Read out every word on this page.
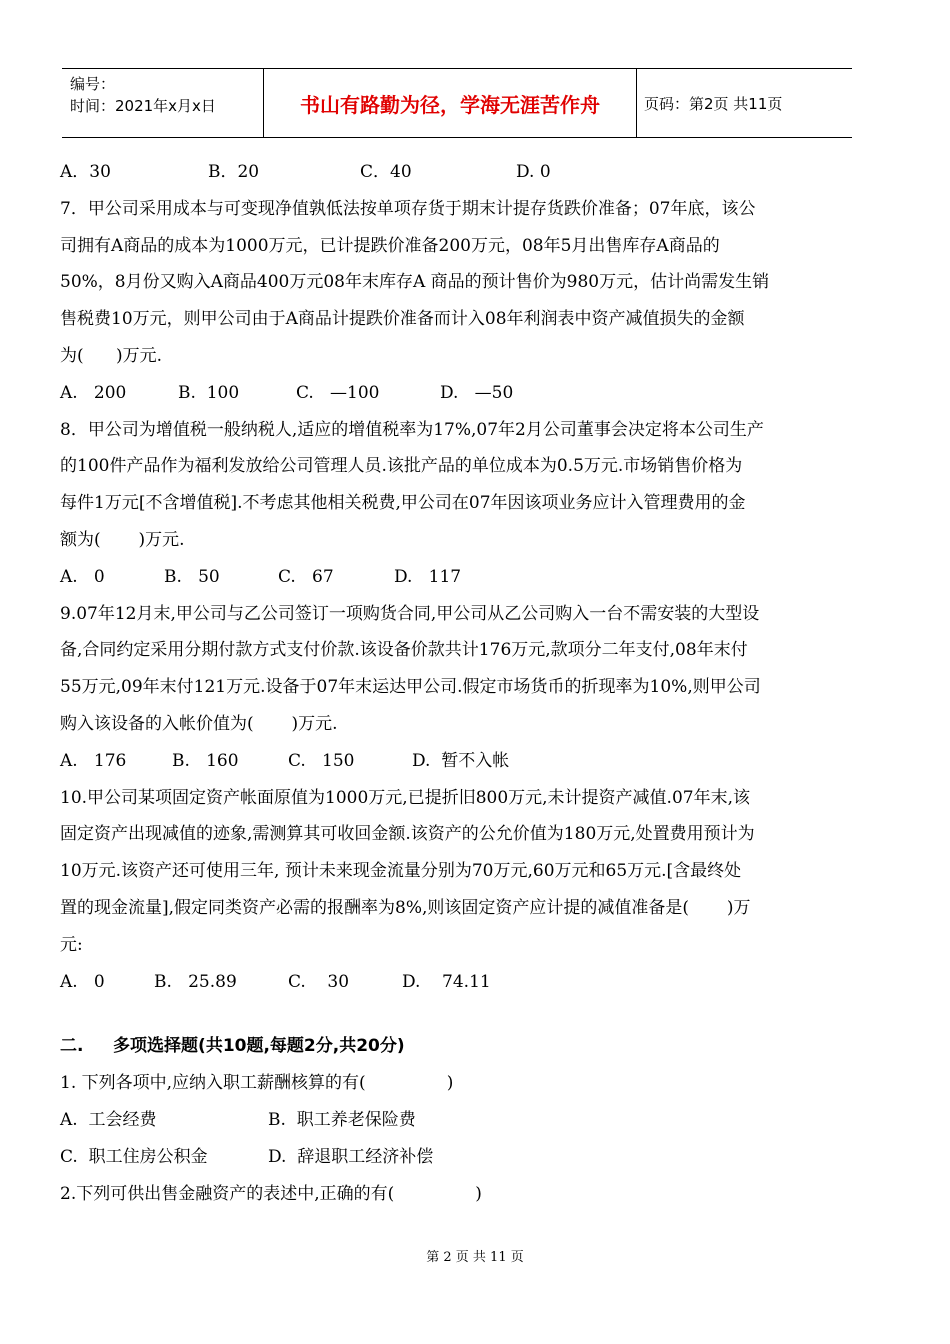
编号：
时间：2021年x月x日	书山有路勤为径，学海无涯苦作舟	页码：第2页 共11页
A．30	B．20	C．40	D. 0
7．甲公司采用成本与可变现净值孰低法按单项存货于期末计提存货跌价准备；07年底，该公
司拥有A商品的成本为1000万元，已计提跌价准备200万元，08年5月出售库存A商品的
50%，8月份又购入A商品400万元08年末库存A 商品的预计售价为980万元，估计尚需发生销
售税费10万元，则甲公司由于A商品计提跌价准备而计入08年利润表中资产减值损失的金额
为(      )万元.
A.   200	B.  100	C.   —100	D.   —50
8．甲公司为增值税一般纳税人,适应的增值税率为17%,07年2月公司董事会决定将本公司生产
的100件产品作为福利发放给公司管理人员.该批产品的单位成本为0.5万元.市场销售价格为
每件1万元[不含增值税].不考虑其他相关税费,甲公司在07年因该项业务应计入管理费用的金
额为(       )万元.
A.   0	B.   50	C.   67	D.   117
9.07年12月末,甲公司与乙公司签订一项购货合同,甲公司从乙公司购入一台不需安装的大型设
备,合同约定采用分期付款方式支付价款.该设备价款共计176万元,款项分二年支付,08年末付
55万元,09年末付121万元.设备于07年末运达甲公司.假定市场货币的折现率为10%,则甲公司
购入该设备的入帐价值为(       )万元.
A.   176	B.   160	C.   150	D.  暂不入帐
10.甲公司某项固定资产帐面原值为1000万元,已提折旧800万元,未计提资产减值.07年末,该
固定资产出现减值的迹象,需测算其可收回金额.该资产的公允价值为180万元,处置费用预计为
10万元.该资产还可使用三年, 预计未来现金流量分别为70万元,60万元和65万元.[含最终处
置的现金流量],假定同类资产必需的报酬率为8%,则该固定资产应计提的减值准备是(       )万
元:
A.   0	B.   25.89	C.    30	D.    74.11
二.     多项选择题(共10题,每题2分,共20分)
1. 下列各项中,应纳入职工薪酬核算的有(               )
A.  工会经费	B.  职工养老保险费
C.  职工住房公积金	D.  辞退职工经济补偿
2.下列可供出售金融资产的表述中,正确的有(               )
第 2 页 共 11 页
